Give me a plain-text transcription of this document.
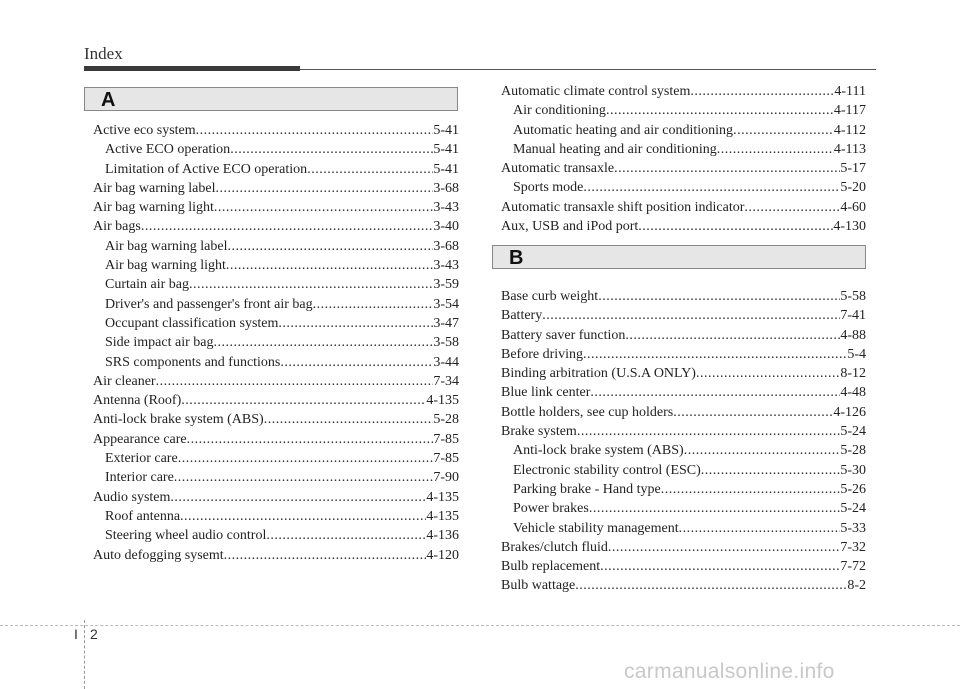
Index
A
B
Active eco system .....	5-41
Active ECO operation .....	5-41
Limitation of Active ECO operation .....	5-41
Air bag warning label .....	3-68
Air bag warning light .....	3-43
Air bags .....	3-40
Air bag warning label .....	3-68
Air bag warning light .....	3-43
Curtain air bag .....	3-59
Driver's and passenger's front air bag .....	3-54
Occupant classification system .....	3-47
Side impact air bag .....	3-58
SRS components and functions .....	3-44
Air cleaner .....	7-34
Antenna (Roof) .....	4-135
Anti-lock brake system (ABS) .....	5-28
Appearance care .....	7-85
Exterior care .....	7-85
Interior care .....	7-90
Audio system .....	4-135
Roof antenna .....	4-135
Steering wheel audio control .....	4-136
Auto defogging sysemt .....	4-120
Automatic climate control system .....	4-111
Air conditioning .....	4-117
Automatic heating and air conditioning .....	4-112
Manual heating and air conditioning .....	4-113
Automatic transaxle .....	5-17
Sports mode .....	5-20
Automatic transaxle shift position indicator .....	4-60
Aux, USB and iPod port .....	4-130
Base curb weight .....	5-58
Battery .....	7-41
Battery saver function .....	4-88
Before driving .....	5-4
Binding arbitration (U.S.A ONLY) .....	8-12
Blue link center .....	4-48
Bottle holders, see cup holders .....	4-126
Brake system .....	5-24
Anti-lock brake system (ABS) .....	5-28
Electronic stability control (ESC) .....	5-30
Parking brake - Hand type .....	5-26
Power brakes .....	5-24
Vehicle stability management .....	5-33
Brakes/clutch fluid .....	7-32
Bulb replacement .....	7-72
Bulb wattage .....	8-2
I 2
carmanualsonline.info
